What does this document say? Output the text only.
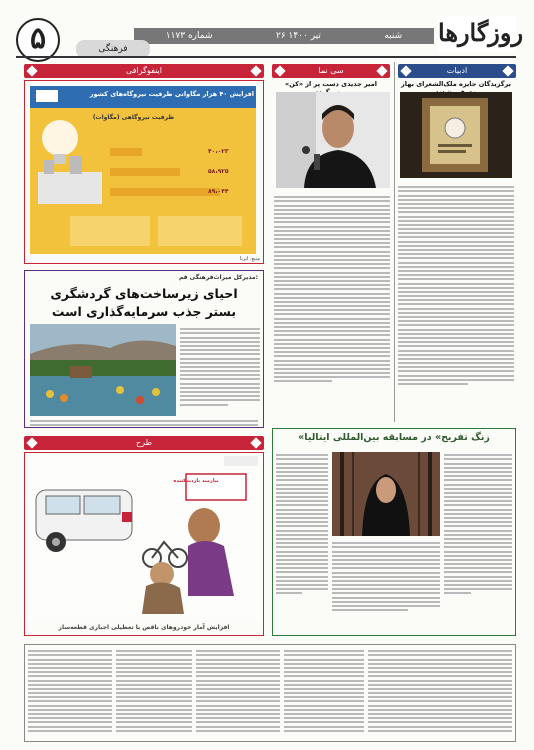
روزگارها
شماره ۱۱۷۳	۲۶ تیر ۱۴۰۰	شنبه
فرهنگی
۵
ادبیات
برگزیدگان جایزه ملک‌الشعرای بهار
سی نما
امیر جدیدی دست پر از «کن»
اینفوگرافی
افزایش ۴۰ هزار مگاواتی ظرفیت نیروگاه‌های کشور
ظرفیت نیروگاهی (مگاوات)
۴۰،۰۲۳
۵۸،۹۲۵
۸۹،۰۴۴
منبع: ایرنا
مدیرکل میراث‌فرهنگی قم:
احیای زیرساخت‌های گردشگری
بستر جذب سرمایه‌گذاری است
«زنگ تفریح» در مسابقه بین‌المللی ایتالیا
طرح
نیازمند بازدید‌کننده
افزایش آمار خودروهای ناقص با تعطیلی اجباری قطعه‌ساز
